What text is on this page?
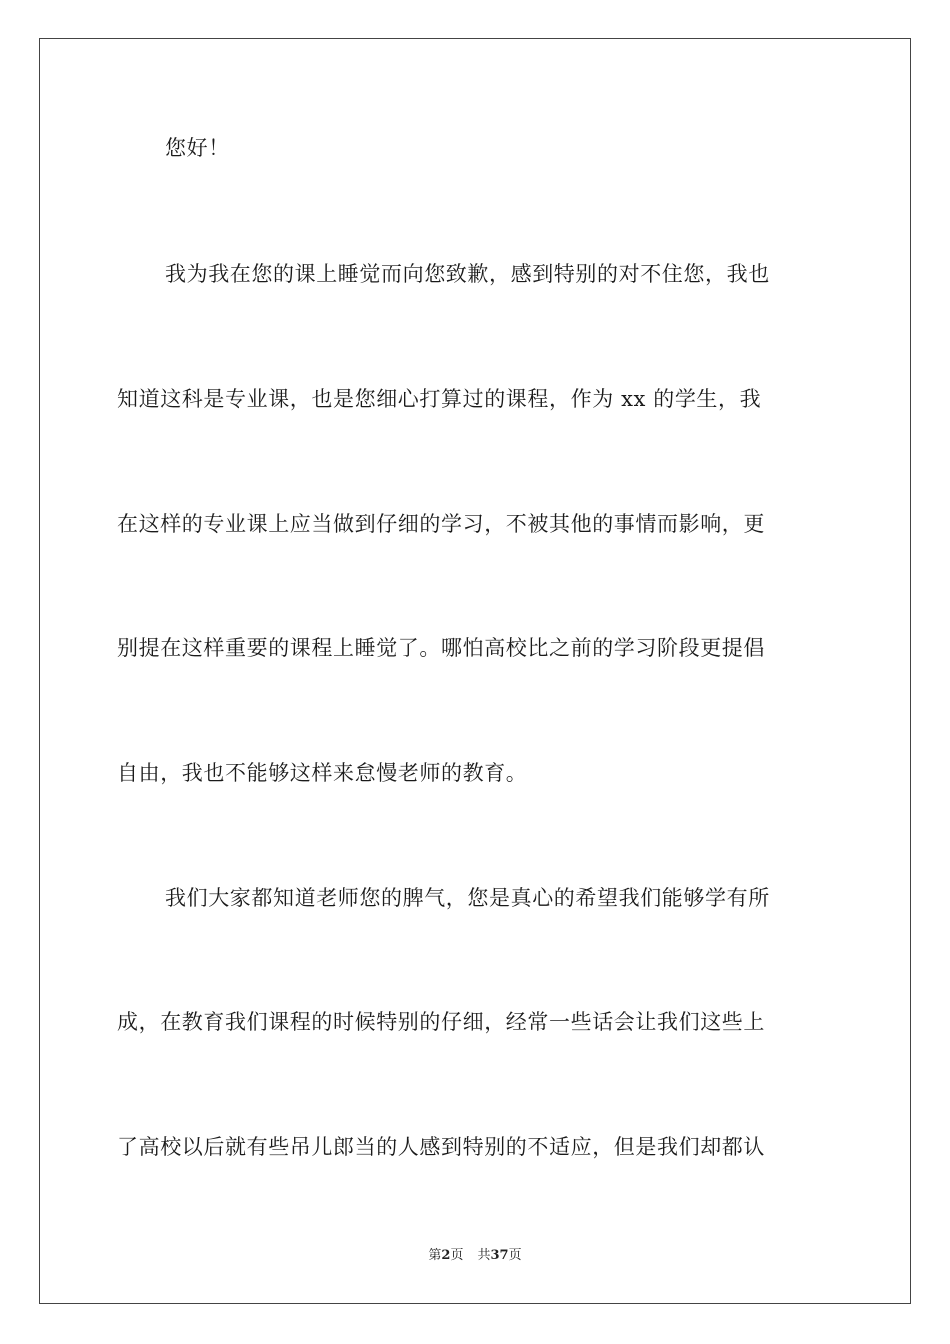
您好！
我为我在您的课上睡觉而向您致歉，感到特别的对不住您，我也
知道这科是专业课，也是您细心打算过的课程，作为 xx 的学生，我
在这样的专业课上应当做到仔细的学习，不被其他的事情而影响，更
别提在这样重要的课程上睡觉了。哪怕高校比之前的学习阶段更提倡
自由，我也不能够这样来怠慢老师的教育。
我们大家都知道老师您的脾气，您是真心的希望我们能够学有所
成，在教育我们课程的时候特别的仔细，经常一些话会让我们这些上
了高校以后就有些吊儿郎当的人感到特别的不适应，但是我们却都认
第2页 共37页
